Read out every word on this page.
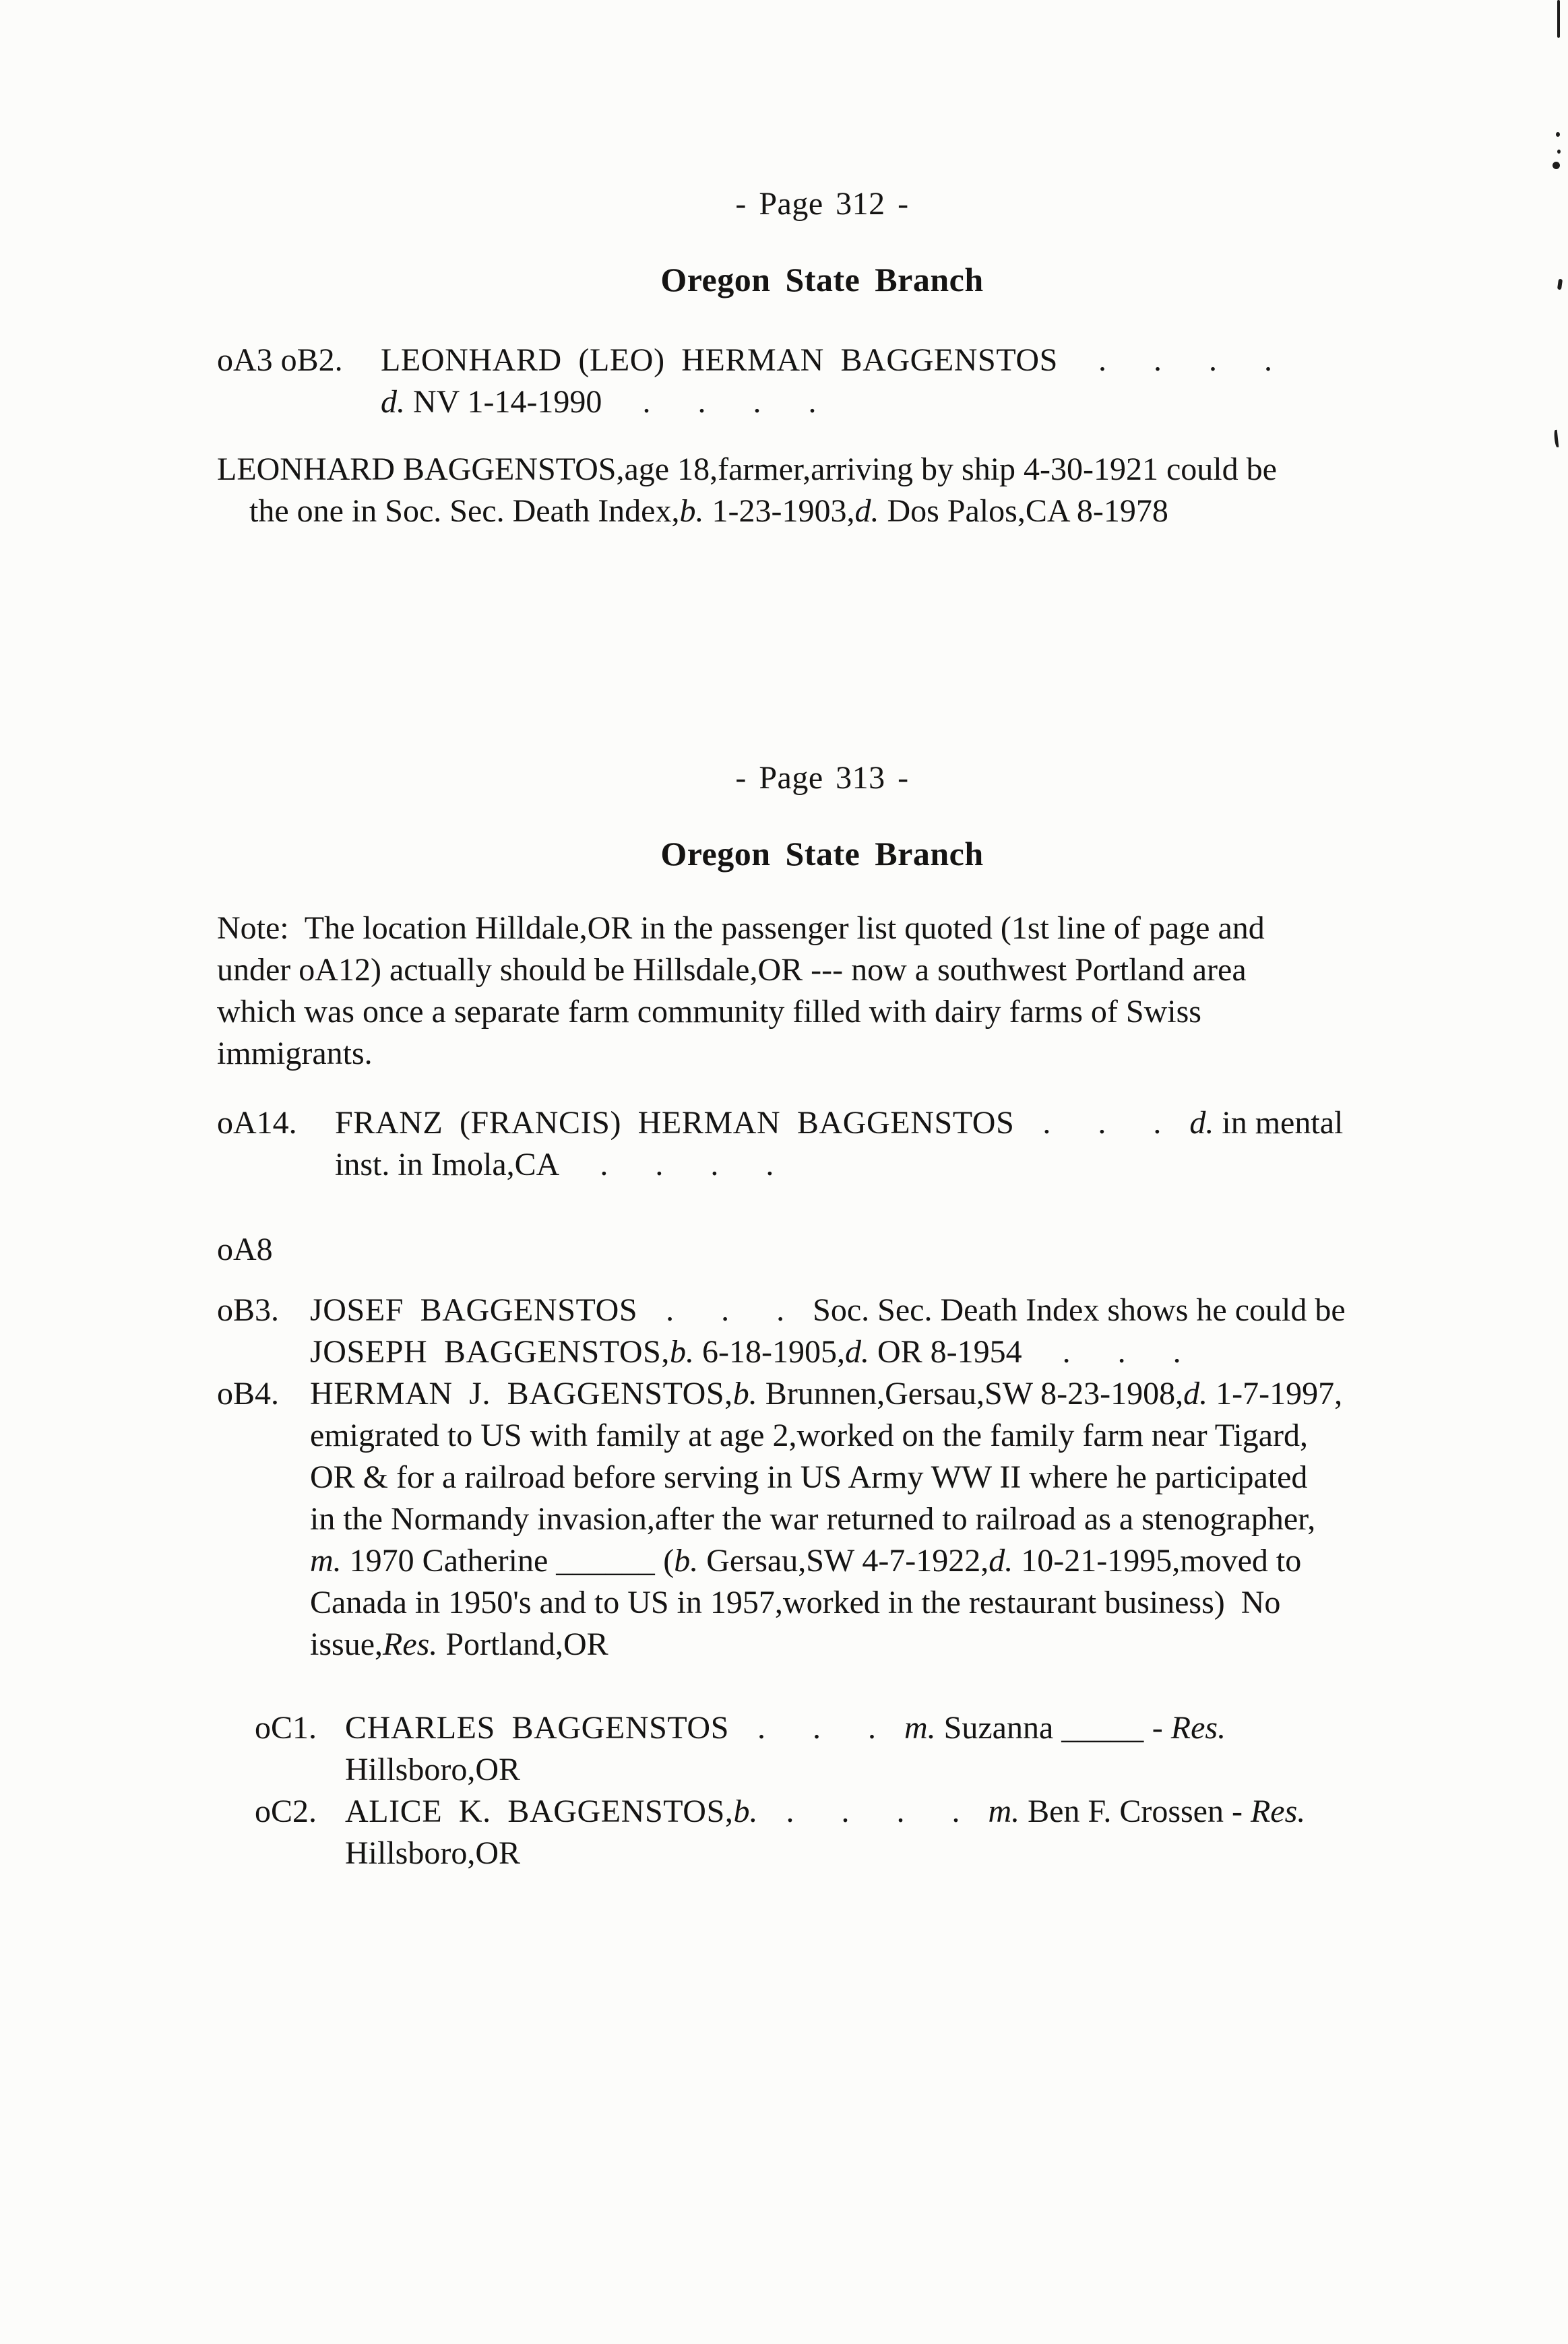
- Page 312 -
Oregon State Branch
oA3 oB2. LEONHARD (LEO) HERMAN BAGGENSTOS . . . .
d. NV 1-14-1990 . . . .
LEONHARD BAGGENSTOS,age 18,farmer,arriving by ship 4-30-1921 could be
the one in Soc. Sec. Death Index,b. 1-23-1903,d. Dos Palos,CA 8-1978
- Page 313 -
Oregon State Branch
Note:  The location Hilldale,OR in the passenger list quoted (1st line of page and
under oA12) actually should be Hillsdale,OR --- now a southwest Portland area
which was once a separate farm community filled with dairy farms of Swiss
immigrants.
oA14. FRANZ (FRANCIS) HERMAN BAGGENSTOS . . . d. in mental
inst. in Imola,CA . . . .
oA8
oB3. JOSEF BAGGENSTOS . . . Soc. Sec. Death Index shows he could be
JOSEPH BAGGENSTOS,b. 6-18-1905,d. OR 8-1954 . . .
oB4. HERMAN J. BAGGENSTOS,b. Brunnen,Gersau,SW 8-23-1908,d. 1-7-1997,
emigrated to US with family at age 2,worked on the family farm near Tigard,
OR & for a railroad before serving in US Army WW II where he participated
in the Normandy invasion,after the war returned to railroad as a stenographer,
m. 1970 Catherine ______ (b. Gersau,SW 4-7-1922,d. 10-21-1995,moved to
Canada in 1950's and to US in 1957,worked in the restaurant business)  No
issue,Res. Portland,OR
oC1. CHARLES BAGGENSTOS . . . m. Suzanna _____ - Res.
Hillsboro,OR
oC2. ALICE K. BAGGENSTOS,b. . . . . m. Ben F. Crossen - Res.
Hillsboro,OR
